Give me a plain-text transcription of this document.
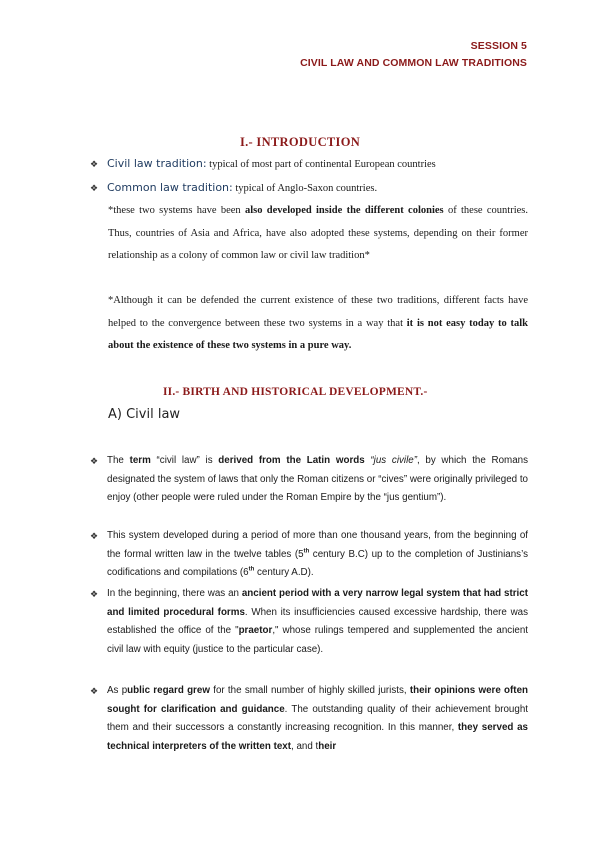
SESSION 5
CIVIL LAW AND COMMON LAW TRADITIONS
I.- INTRODUCTION
❖ Civil law tradition: typical of most part of continental European countries
❖ Common law tradition: typical of Anglo-Saxon countries.
*these two systems have been also developed inside the different colonies of these countries. Thus, countries of Asia and Africa, have also adopted these systems, depending on their former relationship as a colony of common law or civil law tradition*
*Although it can be defended the current existence of these two traditions, different facts have helped to the convergence between these two systems in a way that it is not easy today to talk about the existence of these two systems in a pure way.
II.- BIRTH AND HISTORICAL DEVELOPMENT.-
A) Civil law
❖ The term “civil law” is derived from the Latin words “jus civile”, by which the Romans designated the system of laws that only the Roman citizens or “cives” were originally privileged to enjoy (other people were ruled under the Roman Empire by the “jus gentium”).
❖ This system developed during a period of more than one thousand years, from the beginning of the formal written law in the twelve tables (5th century B.C) up to the completion of Justinians’s codifications and compilations (6th century A.D).
❖ In the beginning, there was an ancient period with a very narrow legal system that had strict and limited procedural forms. When its insufficiencies caused excessive hardship, there was established the office of the "praetor," whose rulings tempered and supplemented the ancient civil law with equity (justice to the particular case).
❖ As public regard grew for the small number of highly skilled jurists, their opinions were often sought for clarification and guidance. The outstanding quality of their achievement brought them and their successors a constantly increasing recognition. In this manner, they served as technical interpreters of the written text, and their
